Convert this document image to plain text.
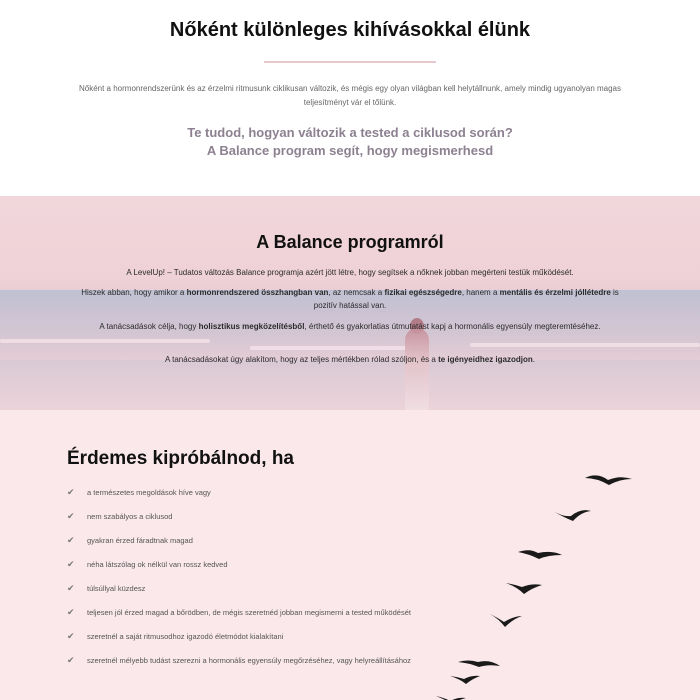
Nőként különleges kihívásokkal élünk

Nőként a hormonrendszerünk és az érzelmi ritmusunk ciklikusan változik, és mégis egy olyan világban kell helytállnunk, amely mindig ugyanolyan magas teljesítményt vár el tőlünk.

Te tudod, hogyan változik a tested a ciklusod során?

A Balance program segít, hogy megismerhesd

A Balance programról

A LevelUp! – Tudatos változás Balance programja azért jött létre, hogy segítsek a nőknek jobban megérteni testük működését.

Hiszek abban, hogy amikor a hormonrendszered összhangban van, az nemcsak a fizikai egészségedre, hanem a mentális és érzelmi jóllétedre is pozitív hatással van.

A tanácsadások célja, hogy holisztikus megközelítésből, érthető és gyakorlatias útmutatást kapj a hormonális egyensúly megteremtéséhez.

A tanácsadásokat úgy alakítom, hogy az teljes mértékben rólad szóljon, és a te igényeidhez igazodjon.

Érdemes kipróbálnod, ha
✔	a természetes megoldások híve vagy
✔	nem szabályos a ciklusod
✔	gyakran érzed fáradtnak magad
✔	néha látszólag ok nélkül van rossz kedved
✔	túlsúllyal küzdesz
✔	teljesen jól érzed magad a bőrödben, de mégis szeretnéd jobban megismerni a tested működését
✔	szeretnél a saját ritmusodhoz igazodó életmódot kialakítani
✔	szeretnél mélyebb tudást szerezni a hormonális egyensúly megőrzéséhez, vagy helyreállításához
